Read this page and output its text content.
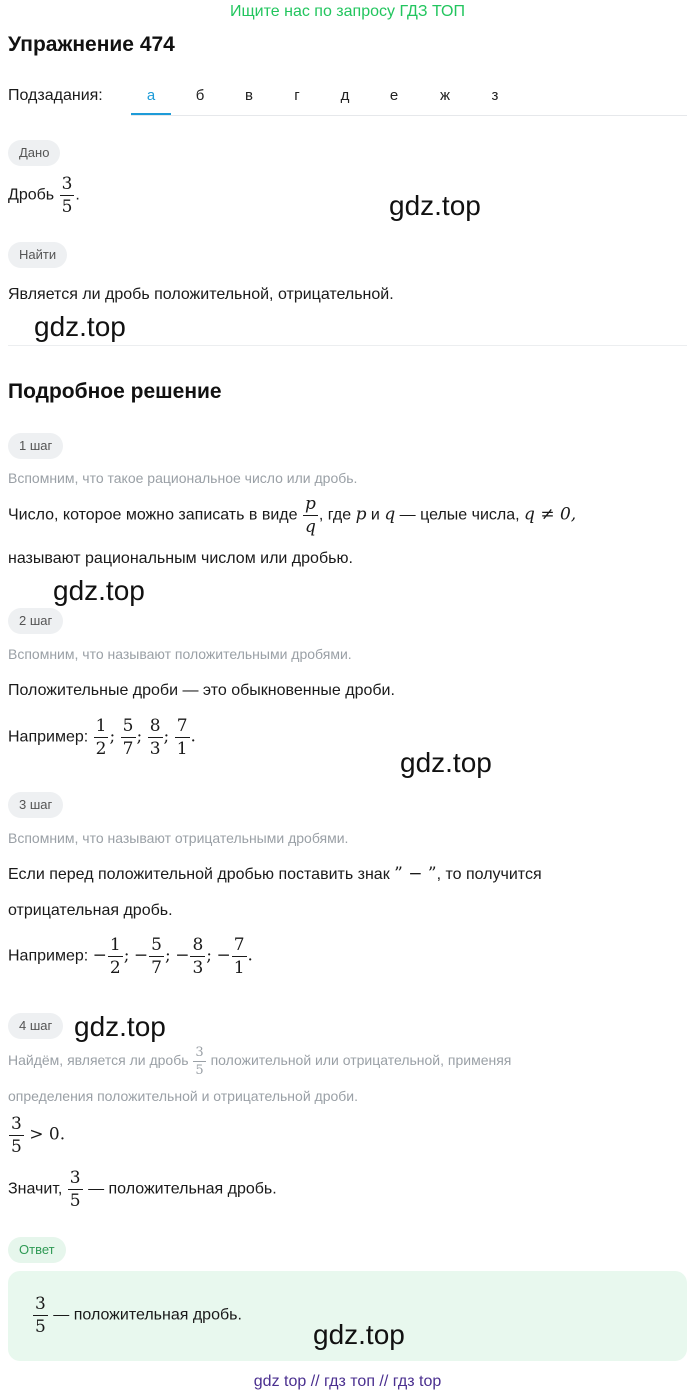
Ищите нас по запросу ГДЗ ТОП
Упражнение 474
Подзадания:	а	б	в	г	д	е	ж	з
Дано
Дробь $\frac{3}{5}$ .
Найти
Является ли дробь положительной, отрицательной.
Подробное решение
1 шаг
Вспомним, что такое рациональное число или дробь.
Число, которое можно записать в виде $\frac{p}{q}$ , где p и q — целые числа, q ≠ 0,
называют рациональным числом или дробью.
2 шаг
Вспомним, что называют положительными дробями.
Положительные дроби — это обыкновенные дроби.
Например: $\frac{1}{2}$ ; $\frac{5}{7}$ ; $\frac{8}{3}$ ; $\frac{7}{1}$ .
3 шаг
Вспомним, что называют отрицательными дробями.
Если перед положительной дробью поставить знак ” − ”, то получится
отрицательная дробь.
Например: − $\frac{1}{2}$ ; − $\frac{5}{7}$ ; − $\frac{8}{3}$ ; − $\frac{7}{1}$ .
4 шаг
Найдём, является ли дробь $\frac{3}{5}$ положительной или отрицательной, применяя
определения положительной и отрицательной дроби.
$\frac{3}{5} > 0$.
Значит, $\frac{3}{5}$ — положительная дробь.
Ответ
$\frac{3}{5}$ — положительная дробь.
gdz.top
gdz.top
gdz.top
gdz.top
gdz.top
gdz.top
gdz top // гдз топ // гдз top
